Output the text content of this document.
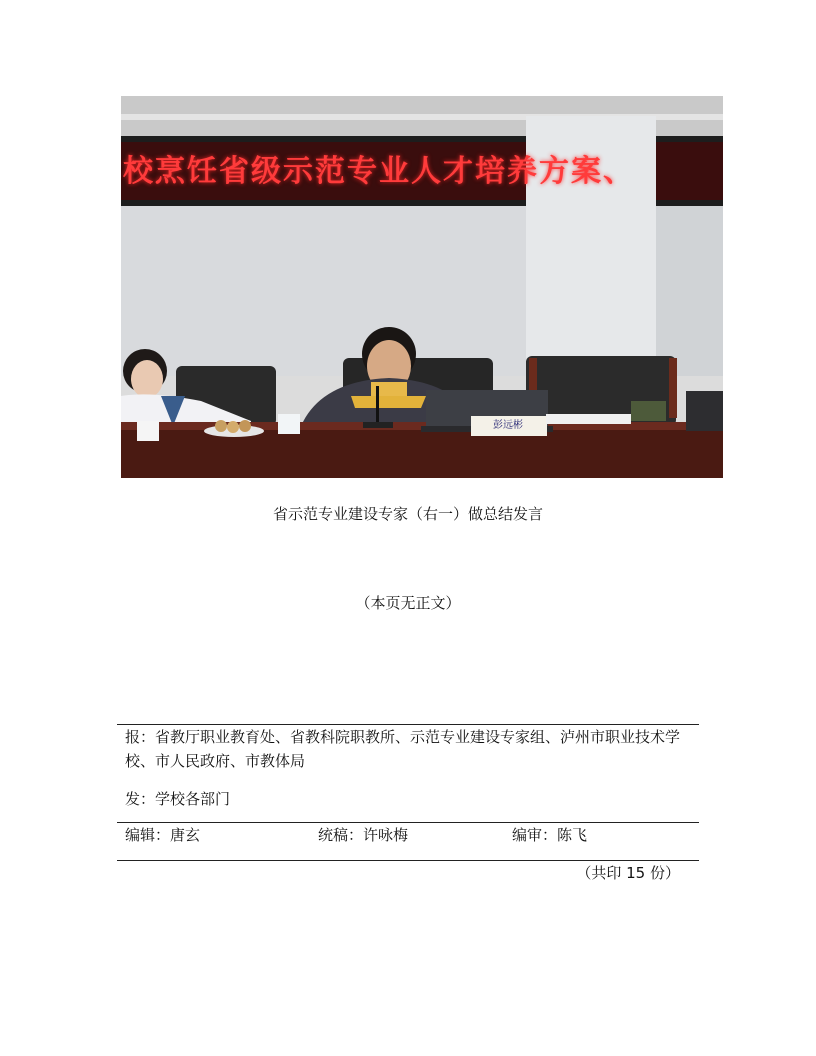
校烹饪省级示范专业人才培养方案、
彭远彬
省示范专业建设专家（右一）做总结发言
（本页无正文）
报：省教厅职业教育处、省教科院职教所、示范专业建设专家组、泸州市职业技术学校、市人民政府、市教体局
发：学校各部门
编辑：唐玄	统稿：许咏梅	编审：陈飞
（共印 15 份）
